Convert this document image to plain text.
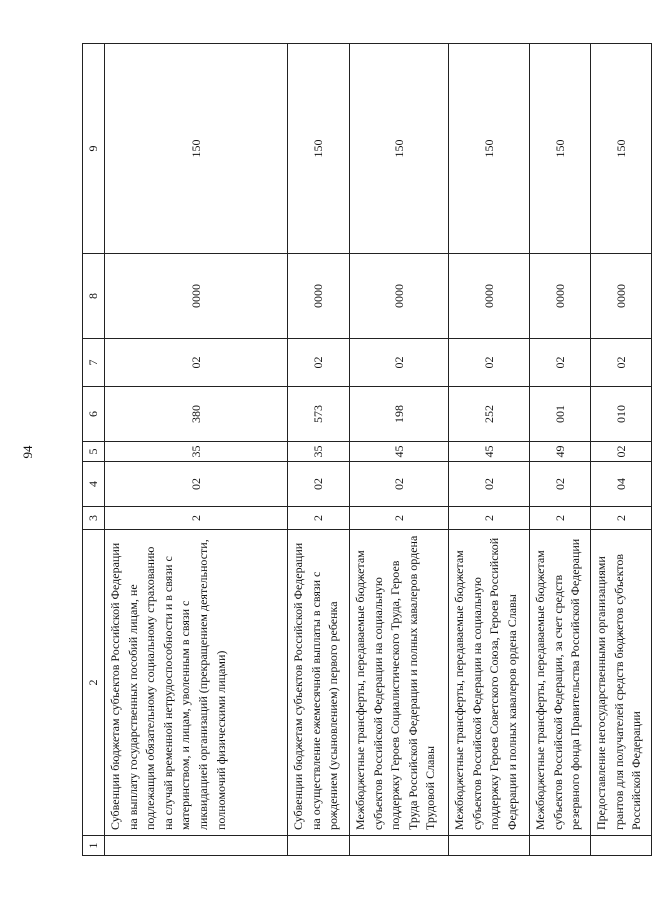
94
1	2	3	4	5	6	7	8	9
	Субвенции бюджетам субъектов Российской Федерации на выплату государственных пособий лицам, не подлежащим обязательному социальному страхованию на случай временной нетрудоспособности и в связи с материнством, и лицам, уволенным в связи с ликвидацией организаций (прекращением деятельности, полномочий физическими лицами)	2	02	35	380	02	0000	150
	Субвенции бюджетам субъектов Российской Федерации на осуществление ежемесячной выплаты в связи с рождением (усыновлением) первого ребенка	2	02	35	573	02	0000	150
	Межбюджетные трансферты, передаваемые бюджетам субъектов Российской Федерации на социальную поддержку Героев Социалистического Труда, Героев Труда Российской Федерации и полных кавалеров ордена Трудовой Славы	2	02	45	198	02	0000	150
	Межбюджетные трансферты, передаваемые бюджетам субъектов Российской Федерации на социальную поддержку Героев Советского Союза, Героев Российской Федерации и полных кавалеров ордена Славы	2	02	45	252	02	0000	150
	Межбюджетные трансферты, передаваемые бюджетам субъектов Российской Федерации, за счет средств резервного фонда Правительства Российской Федерации	2	02	49	001	02	0000	150
	Предоставление негосударственными организациями грантов для получателей средств бюджетов субъектов Российской Федерации	2	04	02	010	02	0000	150
